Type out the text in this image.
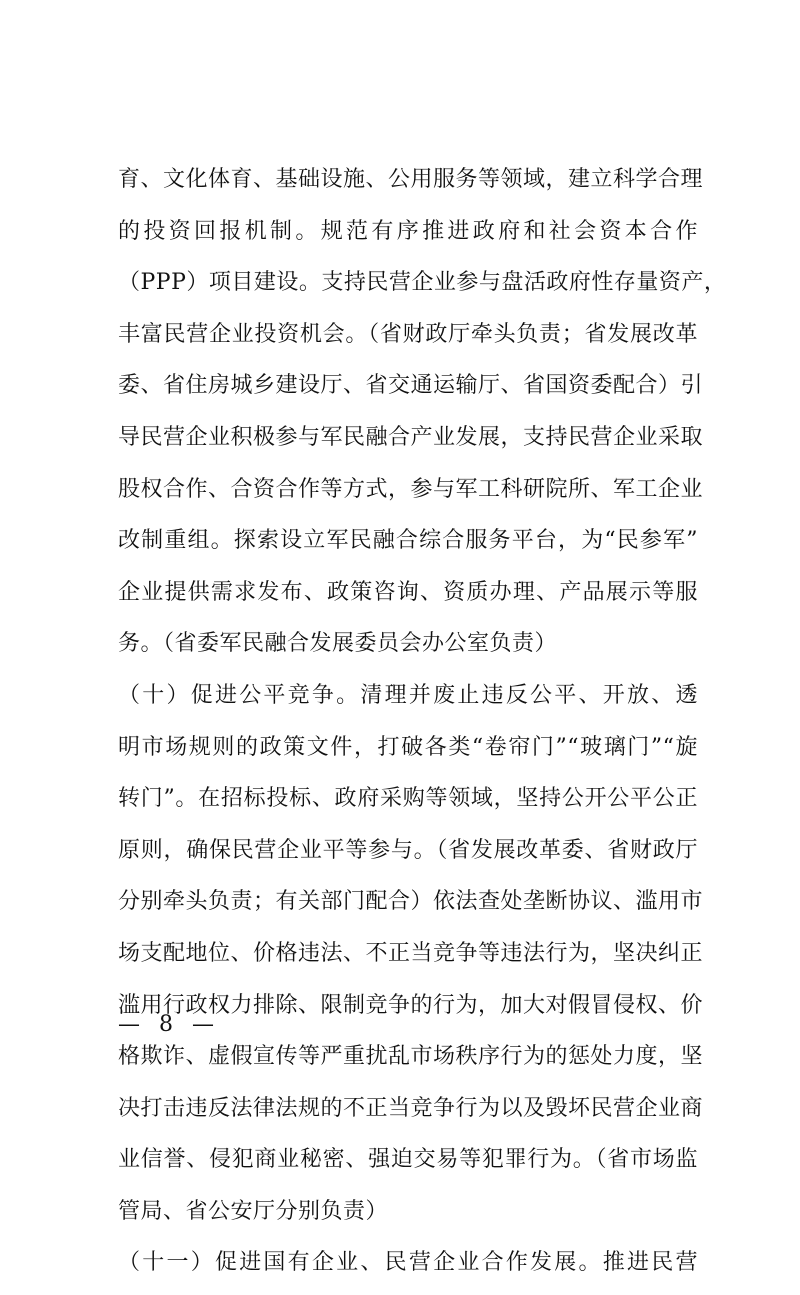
育、文化体育、基础设施、公用服务等领域，建立科学合理
的投资回报机制。规范有序推进政府和社会资本合作
（PPP）项目建设。支持民营企业参与盘活政府性存量资产，
丰富民营企业投资机会。（省财政厅牵头负责；省发展改革
委、省住房城乡建设厅、省交通运输厅、省国资委配合）引
导民营企业积极参与军民融合产业发展，支持民营企业采取
股权合作、合资合作等方式，参与军工科研院所、军工企业
改制重组。探索设立军民融合综合服务平台，为“民参军”
企业提供需求发布、政策咨询、资质办理、产品展示等服
务。（省委军民融合发展委员会办公室负责）
（十）促进公平竞争。清理并废止违反公平、开放、透
明市场规则的政策文件，打破各类“卷帘门”“玻璃门”“旋
转门”。在招标投标、政府采购等领域，坚持公开公平公正
原则，确保民营企业平等参与。（省发展改革委、省财政厅
分别牵头负责；有关部门配合）依法查处垄断协议、滥用市
场支配地位、价格违法、不正当竞争等违法行为，坚决纠正
滥用行政权力排除、限制竞争的行为，加大对假冒侵权、价
格欺诈、虚假宣传等严重扰乱市场秩序行为的惩处力度，坚
决打击违反法律法规的不正当竞争行为以及毁坏民营企业商
业信誉、侵犯商业秘密、强迫交易等犯罪行为。（省市场监
管局、省公安厅分别负责）
（十一）促进国有企业、民营企业合作发展。推进民营
— 8 —
